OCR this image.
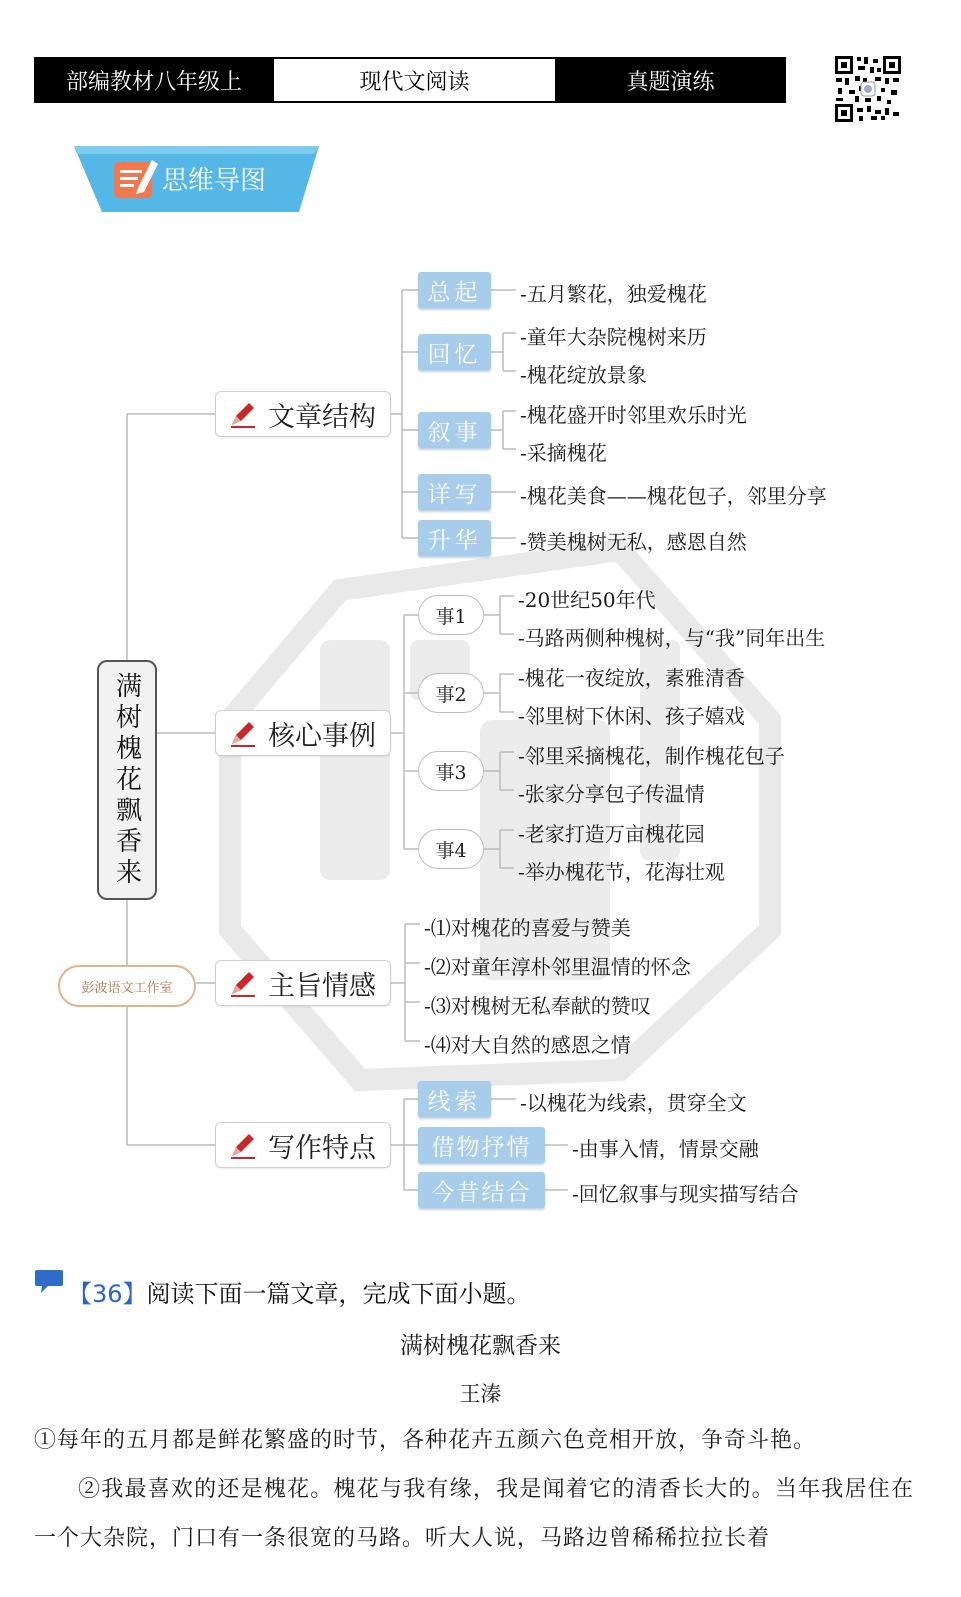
部编教材八年级上	现代文阅读	真题演练
思维导图
满树槐花飘香来
彭波语文工作室
文章结构
核心事例
主旨情感
写作特点
总起	-五月繁花，独爱槐花
回忆
-童年大杂院槐树来历
-槐花绽放景象
叙事
-槐花盛开时邻里欢乐时光
-采摘槐花
详写	-槐花美食——槐花包子，邻里分享
升华	-赞美槐树无私，感恩自然
事1
-20世纪50年代
-马路两侧种槐树，与“我”同年出生
事2
-槐花一夜绽放，素雅清香
-邻里树下休闲、孩子嬉戏
事3
-邻里采摘槐花，制作槐花包子
-张家分享包子传温情
事4
-老家打造万亩槐花园
-举办槐花节，花海壮观
-⑴对槐花的喜爱与赞美
-⑵对童年淳朴邻里温情的怀念
-⑶对槐树无私奉献的赞叹
-⑷对大自然的感恩之情
线索	-以槐花为线索，贯穿全文
借物抒情	-由事入情，情景交融
今昔结合	-回忆叙事与现实描写结合
【36】阅读下面一篇文章，完成下面小题。
满树槐花飘香来
王溱
①每年的五月都是鲜花繁盛的时节，各种花卉五颜六色竞相开放，争奇斗艳。
②我最喜欢的还是槐花。槐花与我有缘，我是闻着它的清香长大的。当年我居住在一个大杂院，门口有一条很宽的马路。听大人说，马路边曾稀稀拉拉长着
